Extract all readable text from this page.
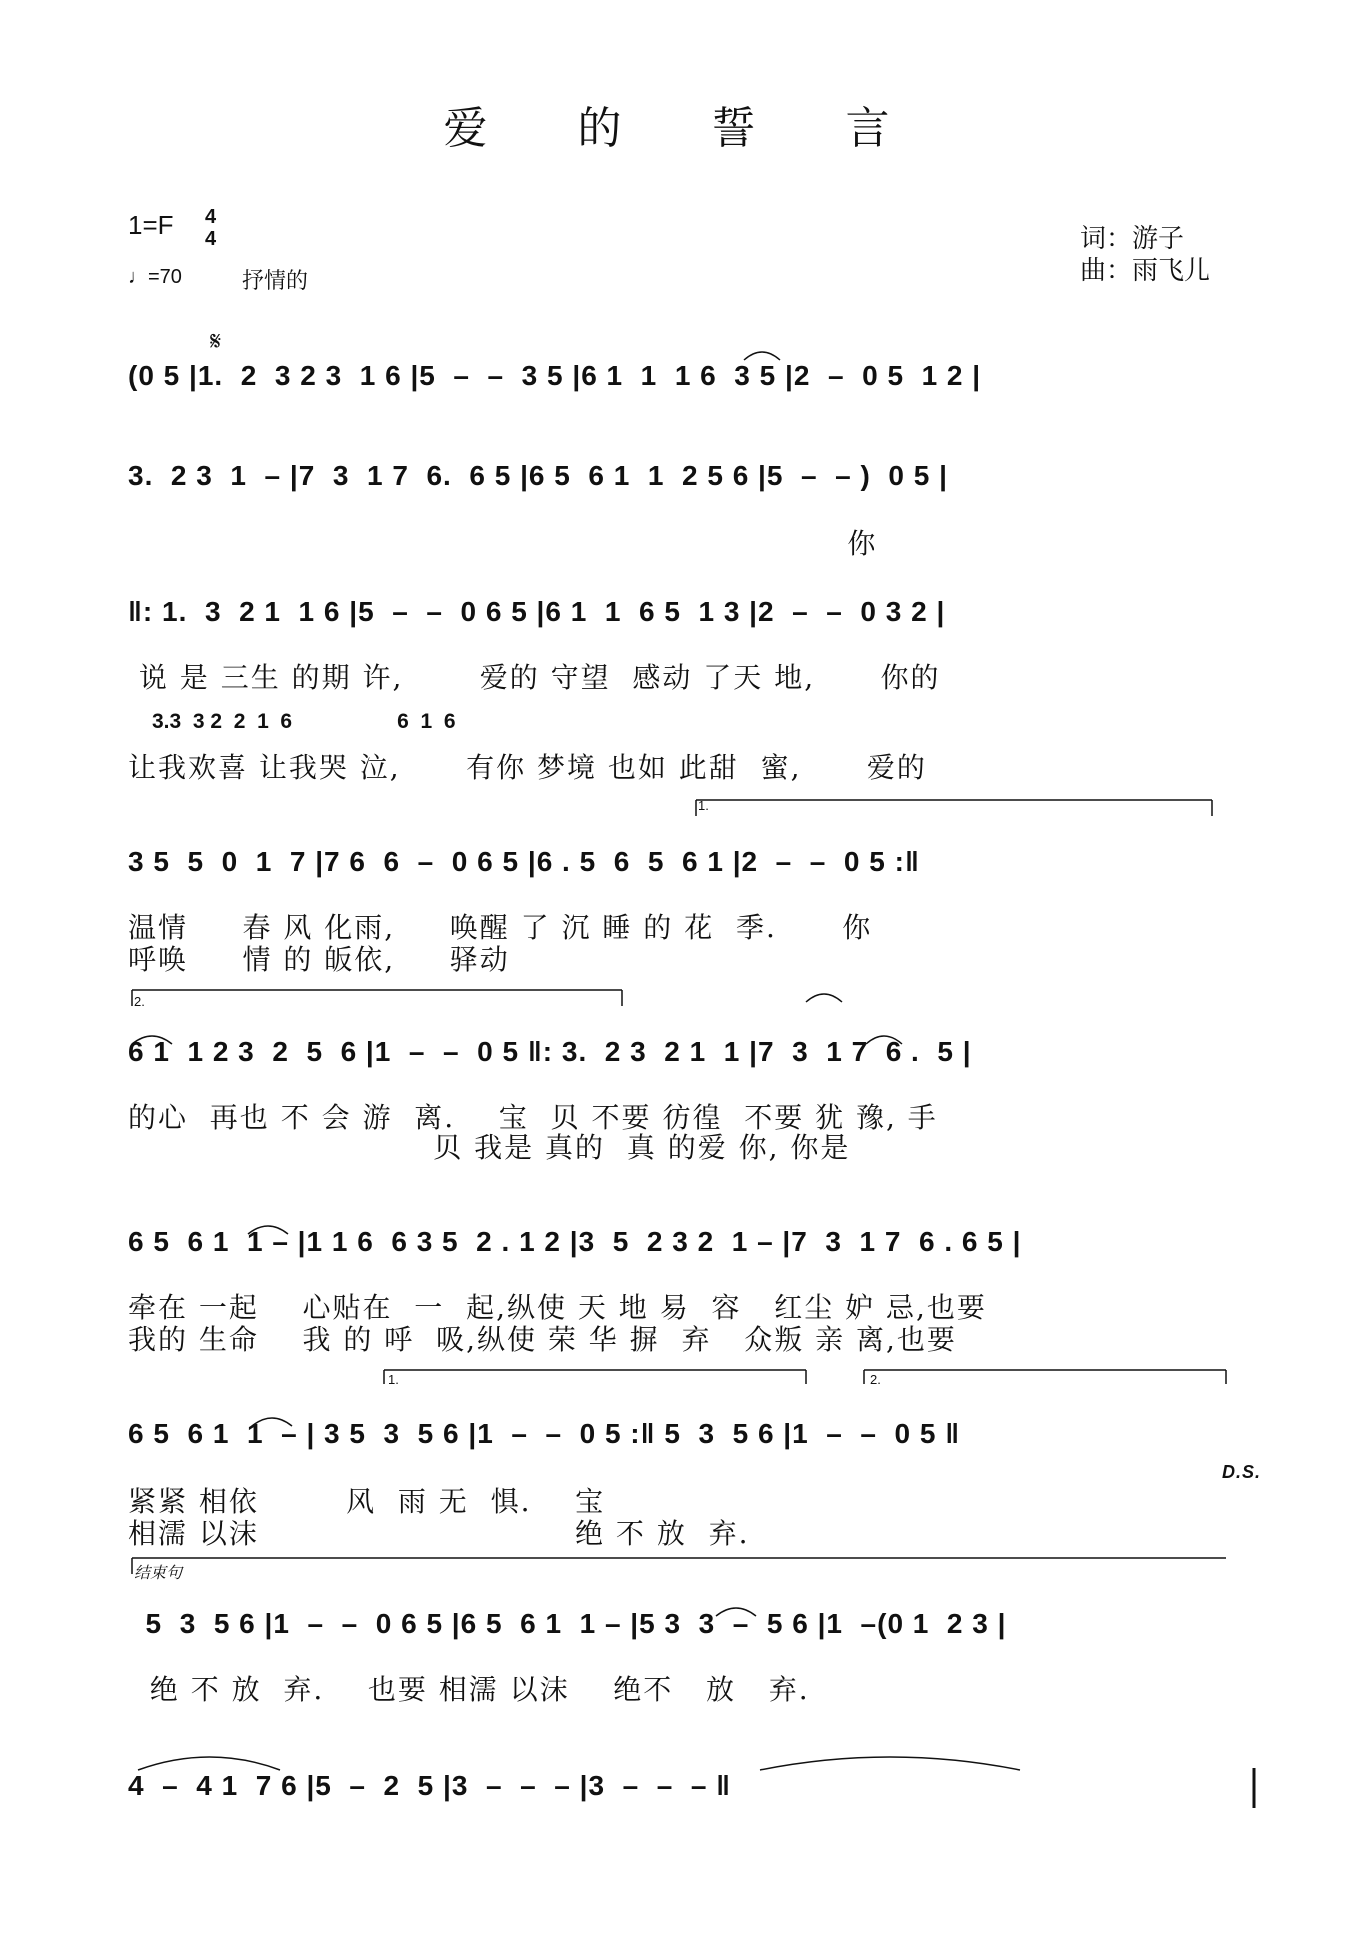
爱 的 誓 言
1=F 4
4
♩=70	抒情的
词：游子
曲：雨飞儿
𝄋
(0 5 |1.  2  3 2 3  1 6 |5  –  –  3 5 |6 1  1  1 6  3 5 |2  –  0 5  1 2 |
3.  2 3  1  – |7  3  1 7  6.  6 5 |6 5  6 1  1  2 5 6 |5  –  – )  0 5 |
你
‖: 1.  3  2 1  1 6 |5  –  –  0 6 5 |6 1  1  6 5  1 3 |2  –  –  0 3 2 |
说 是 三生 的期 许,       爱的 守望  感动 了天 地,      你的
3.3  3 2  2  1  6                  6  1  6
让我欢喜 让我哭 泣,      有你 梦境 也如 此甜  蜜,      爱的
1.
3 5  5  0  1  7 |7 6  6  –  0 6 5 |6 . 5  6  5  6 1 |2  –  –  0 5 :‖
温情     春 风 化雨,     唤醒 了 沉 睡 的 花  季.      你
呼唤     情 的 皈依,     驿动
2.
6 1  1 2 3  2  5  6 |1  –  –  0 5 ‖: 3.  2 3  2 1  1 |7  3  1 7  6 .  5 |
的心  再也 不 会 游  离.    宝  贝 不要 彷徨  不要 犹 豫, 手
贝 我是 真的  真 的爱 你, 你是
6 5  6 1  1 – |1 1 6  6 3 5  2 . 1 2 |3  5  2 3 2  1 – |7  3  1 7  6 . 6 5 |
牵在 一起    心贴在  一  起,纵使 天 地 易  容   红尘 妒 忌,也要
我的 生命    我 的 呼  吸,纵使 荣 华 摒  弃   众叛 亲 离,也要
1.	2.
6 5  6 1  1  – | 3 5  3  5 6 |1  –  –  0 5 :‖ 5  3  5 6 |1  –  –  0 5 ‖
D.S.
紧紧 相依        风  雨 无  惧.    宝
相濡 以沫                             绝 不 放  弃.
结束句
5  3  5 6 |1  –  –  0 6 5 |6 5  6 1  1 – |5 3  3  –  5 6 |1  –(0 1  2 3 |
绝 不 放  弃.    也要 相濡 以沫    绝不   放   弃.
4  –  4 1  7 6 |5  –  2  5 |3  –  –  – |3  –  –  – ‖
